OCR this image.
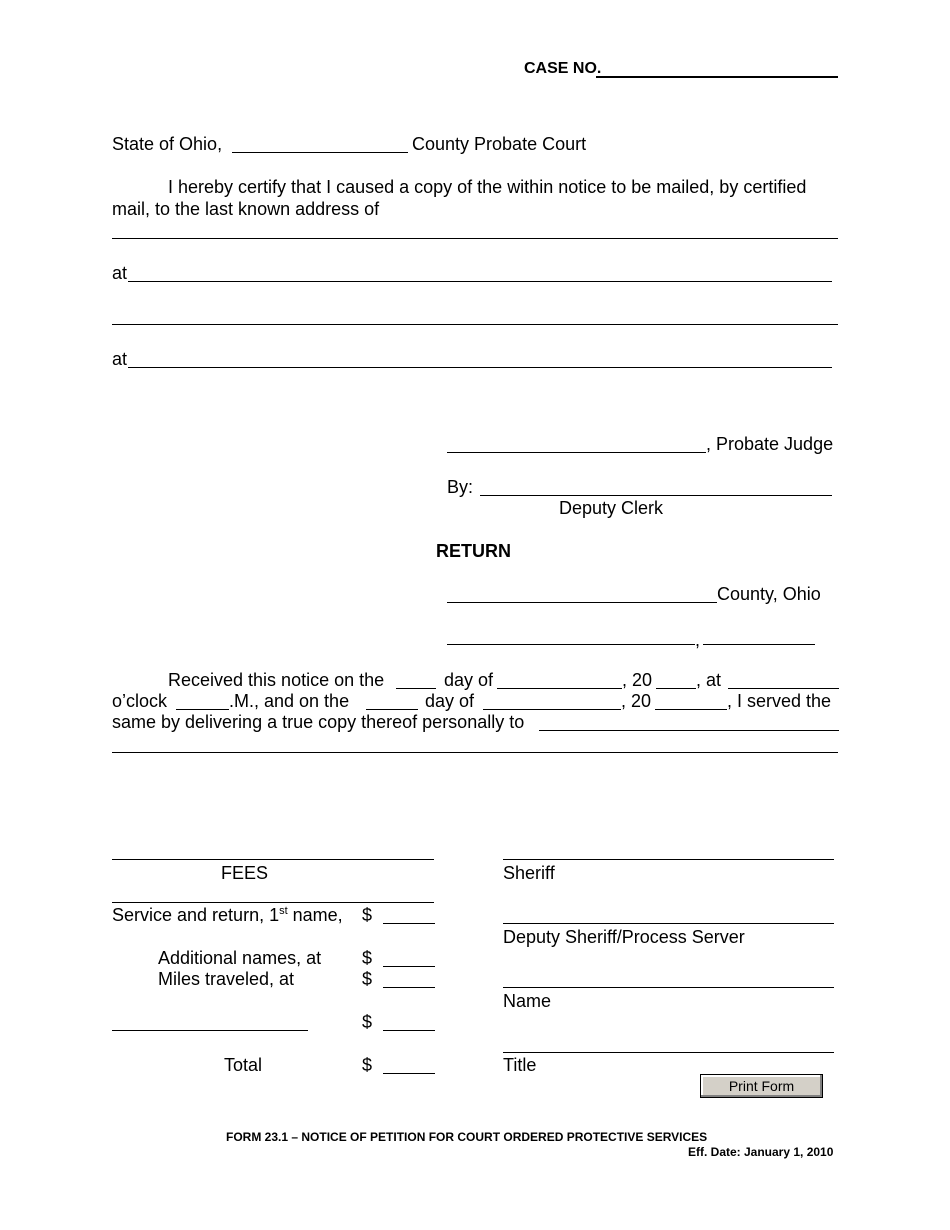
CASE NO.
State of Ohio,	County Probate Court
I hereby certify that I caused a copy of the within notice to be mailed, by certified
mail, to the last known address of
at
at
, Probate Judge
By:
Deputy Clerk
RETURN
County, Ohio
,
Received this notice on the	day of	, 20 , at
o’clock	.M., and on the	day of	, 20	, I served the
same by delivering a true copy thereof personally to
FEES
Service and return, 1st name, $
Additional names, at $
Miles traveled, at	$
$
Total	$
Sheriff
Deputy Sheriff/Process Server
Name
Title
Print Form
FORM 23.1 – NOTICE OF PETITION FOR COURT ORDERED PROTECTIVE SERVICES
Eff. Date: January 1, 2010
